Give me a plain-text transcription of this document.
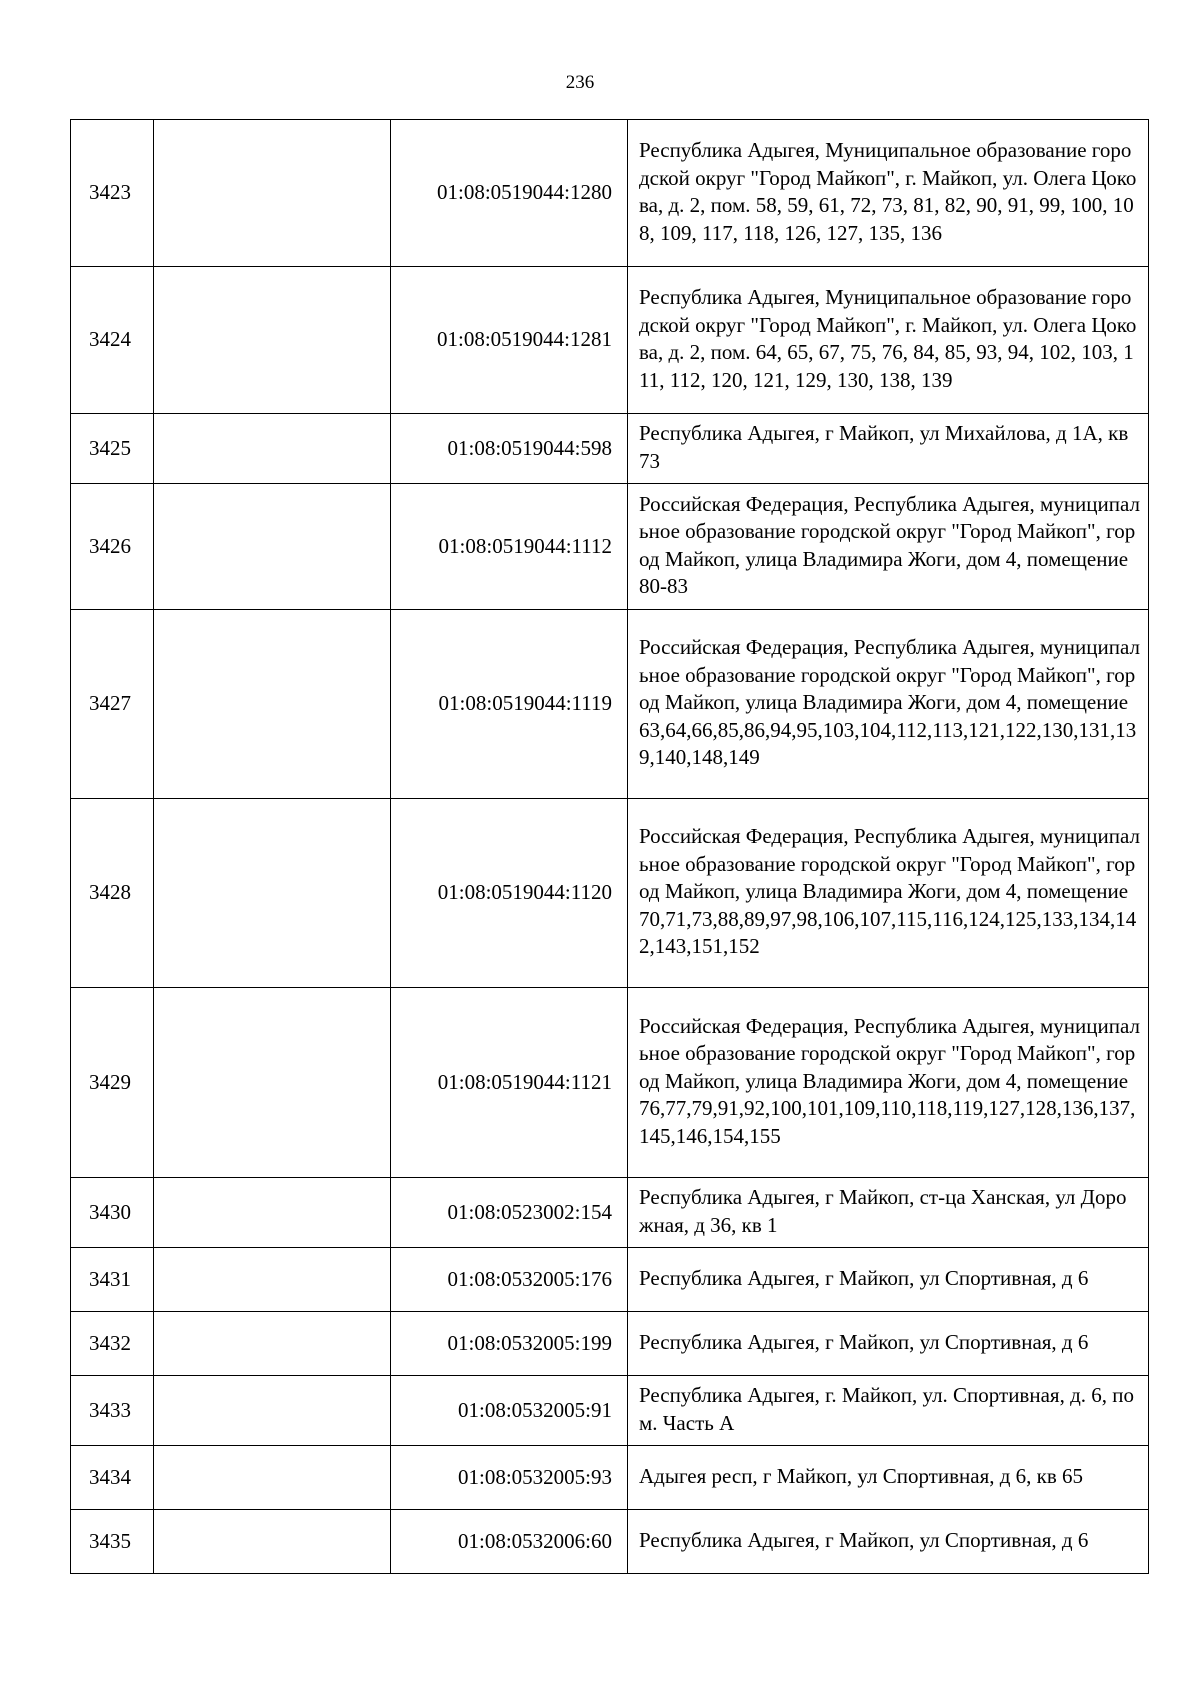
236
3423		01:08:0519044:1280	Республика Адыгея, Муниципальное образование городской округ "Город Майкоп", г. Майкоп, ул. Олега Цокова, д. 2, пом. 58, 59, 61, 72, 73, 81, 82, 90, 91, 99, 100, 108, 109, 117, 118, 126, 127, 135, 136
3424		01:08:0519044:1281	Республика Адыгея, Муниципальное образование городской округ "Город Майкоп", г. Майкоп, ул. Олега Цокова, д. 2, пом. 64, 65, 67, 75, 76, 84, 85, 93, 94, 102, 103, 111, 112, 120, 121, 129, 130, 138, 139
3425		01:08:0519044:598	Республика Адыгея, г Майкоп, ул Михайлова, д 1А, кв 73
3426		01:08:0519044:1112	Российская Федерация, Республика Адыгея, муниципальное образование городской округ "Город Майкоп", город Майкоп, улица Владимира Жоги, дом 4, помещение 80-83
3427		01:08:0519044:1119	Российская Федерация, Республика Адыгея, муниципальное образование городской округ "Город Майкоп", город Майкоп, улица Владимира Жоги, дом 4, помещение 63,64,66,85,86,94,95,103,104,112,113,121,122,130,131,139,140,148,149
3428		01:08:0519044:1120	Российская Федерация, Республика Адыгея, муниципальное образование городской округ "Город Майкоп", город Майкоп, улица Владимира Жоги, дом 4, помещение 70,71,73,88,89,97,98,106,107,115,116,124,125,133,134,142,143,151,152
3429		01:08:0519044:1121	Российская Федерация, Республика Адыгея, муниципальное образование городской округ "Город Майкоп", город Майкоп, улица Владимира Жоги, дом 4, помещение 76,77,79,91,92,100,101,109,110,118,119,127,128,136,137,145,146,154,155
3430		01:08:0523002:154	Республика Адыгея, г Майкоп, ст-ца Ханская, ул Дорожная, д 36, кв 1
3431		01:08:0532005:176	Республика Адыгея, г Майкоп, ул Спортивная, д 6
3432		01:08:0532005:199	Республика Адыгея, г Майкоп, ул Спортивная, д 6
3433		01:08:0532005:91	Республика Адыгея, г. Майкоп, ул. Спортивная, д. 6, пом. Часть А
3434		01:08:0532005:93	Адыгея респ, г Майкоп, ул Спортивная, д 6, кв 65
3435		01:08:0532006:60	Республика Адыгея, г Майкоп, ул Спортивная, д 6
